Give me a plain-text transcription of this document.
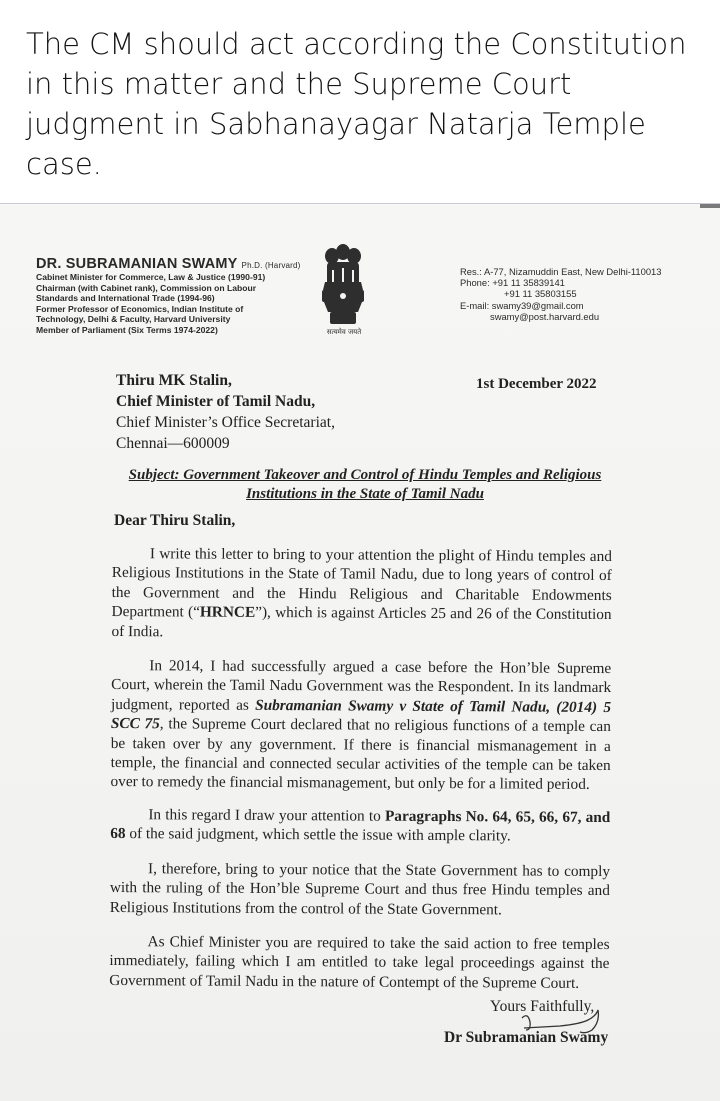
The CM should act according the Constitution in this matter and the Supreme Court judgment in Sabhanayagar Natarja Temple case.

DR. SUBRAMANIAN SWAMY Ph.D. (Harvard)
Cabinet Minister for Commerce, Law & Justice (1990-91)
Chairman (with Cabinet rank), Commission on Labour
Standards and International Trade (1994-96)
Former Professor of Economics, Indian Institute of
Technology, Delhi & Faculty, Harvard University
Member of Parliament (Six Terms 1974-2022)	सत्यमेव जयते
Res.: A-77, Nizamuddin East, New Delhi-110013
Phone: +91 11 35839141
+91 11 35803155
E-mail: swamy39@gmail.com
swamy@post.harvard.edu
Thiru MK Stalin,
Chief Minister of Tamil Nadu,
Chief Minister’s Office Secretariat,
Chennai—600009
1st December 2022
Subject: Government Takeover and Control of Hindu Temples and Religious
Institutions in the State of Tamil Nadu
Dear Thiru Stalin,

I write this letter to bring to your attention the plight of Hindu temples and Religious Institutions in the State of Tamil Nadu, due to long years of control of the Government and the Hindu Religious and Charitable Endowments Department (“HRNCE”), which is against Articles 25 and 26 of the Constitution of India.

In 2014, I had successfully argued a case before the Hon’ble Supreme Court, wherein the Tamil Nadu Government was the Respondent. In its landmark judgment, reported as Subramanian Swamy v State of Tamil Nadu, (2014) 5 SCC 75, the Supreme Court declared that no religious functions of a temple can be taken over by any government. If there is financial mismanagement in a temple, the financial and connected secular activities of the temple can be taken over to remedy the financial mismanagement, but only be for a limited period.

In this regard I draw your attention to Paragraphs No. 64, 65, 66, 67, and 68 of the said judgment, which settle the issue with ample clarity.

I, therefore, bring to your notice that the State Government has to comply with the ruling of the Hon’ble Supreme Court and thus free Hindu temples and Religious Institutions from the control of the State Government.

As Chief Minister you are required to take the said action to free temples immediately, failing which I am entitled to take legal proceedings against the Government of Tamil Nadu in the nature of Contempt of the Supreme Court.

Yours Faithfully,
Dr Subramanian Swamy
